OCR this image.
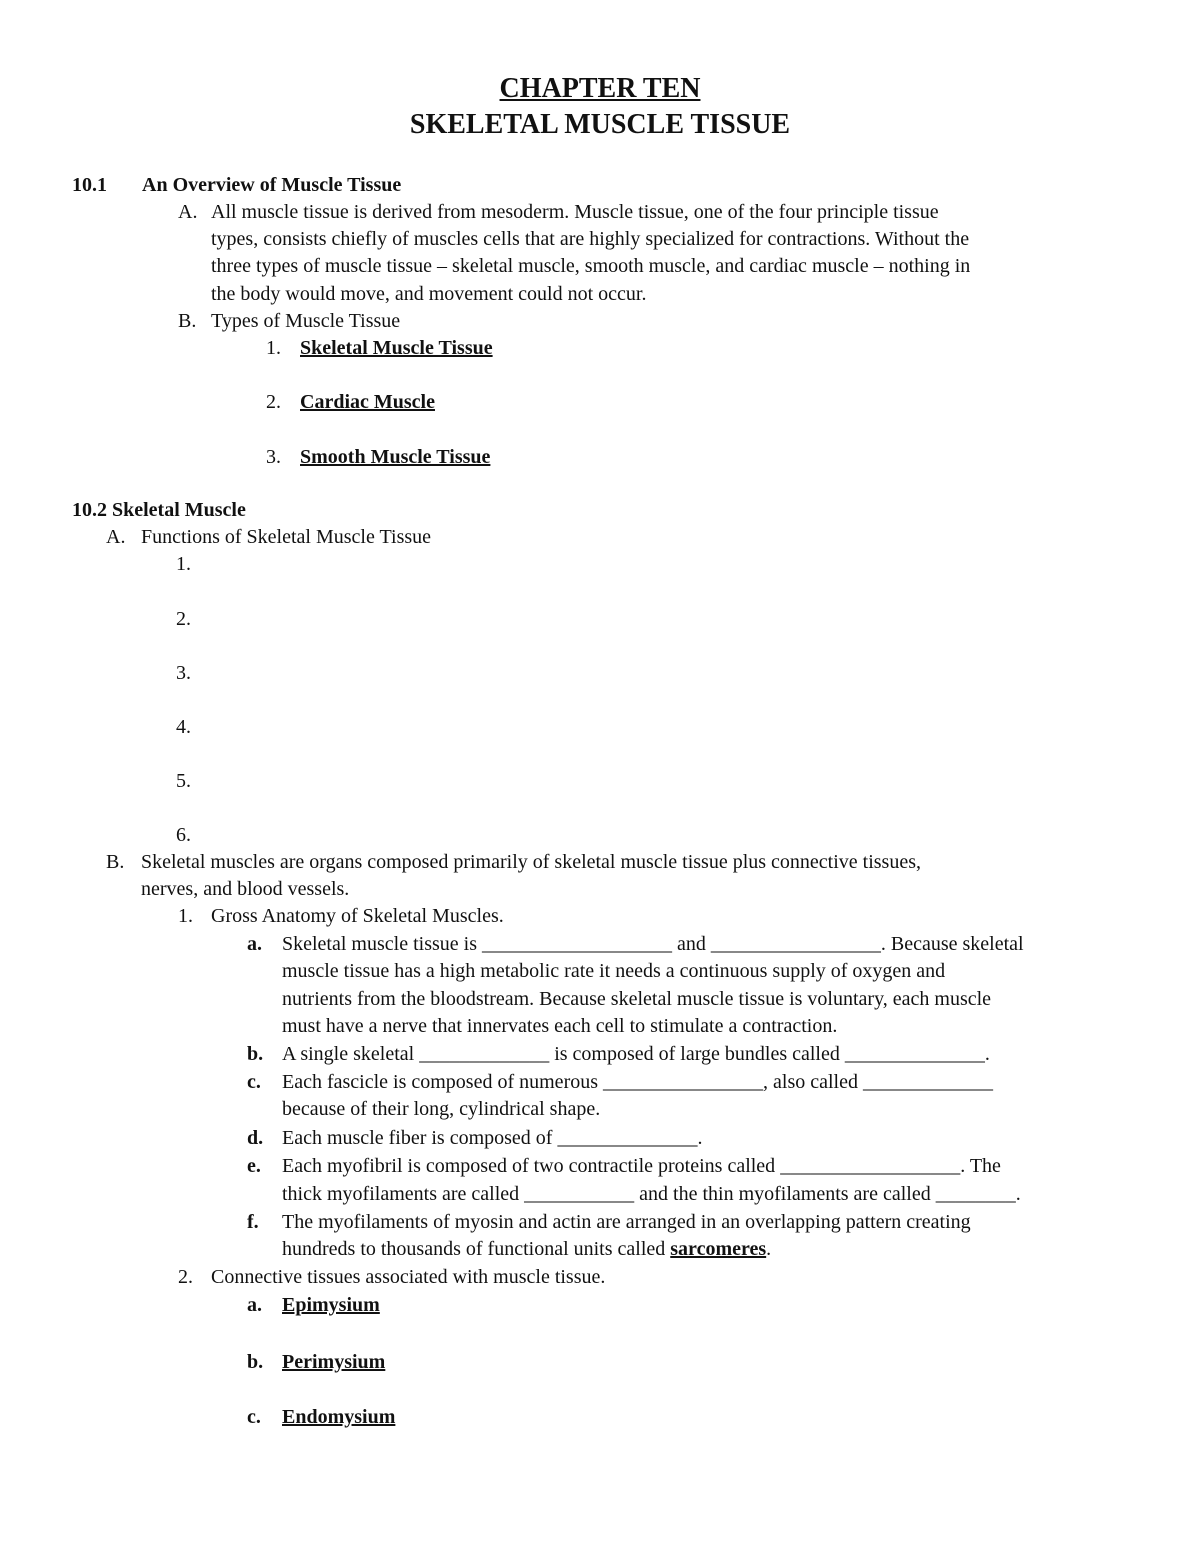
CHAPTER TEN
SKELETAL MUSCLE TISSUE
10.1 An Overview of Muscle Tissue
A. All muscle tissue is derived from mesoderm. Muscle tissue, one of the four principle tissue
types, consists chiefly of muscles cells that are highly specialized for contractions. Without the
three types of muscle tissue – skeletal muscle, smooth muscle, and cardiac muscle – nothing in
the body would move, and movement could not occur.
B. Types of Muscle Tissue
1. Skeletal Muscle Tissue
2. Cardiac Muscle
3. Smooth Muscle Tissue
10.2 Skeletal Muscle
A. Functions of Skeletal Muscle Tissue
1.
2.
3.
4.
5.
6.
B. Skeletal muscles are organs composed primarily of skeletal muscle tissue plus connective tissues,
nerves, and blood vessels.
1. Gross Anatomy of Skeletal Muscles.
a. Skeletal muscle tissue is ___________________ and _________________. Because skeletal
muscle tissue has a high metabolic rate it needs a continuous supply of oxygen and
nutrients from the bloodstream. Because skeletal muscle tissue is voluntary, each muscle
must have a nerve that innervates each cell to stimulate a contraction.
b. A single skeletal _____________ is composed of large bundles called ______________.
c. Each fascicle is composed of numerous ________________, also called _____________
because of their long, cylindrical shape.
d. Each muscle fiber is composed of ______________.
e. Each myofibril is composed of two contractile proteins called __________________. The
thick myofilaments are called ___________ and the thin myofilaments are called ________.
f. The myofilaments of myosin and actin are arranged in an overlapping pattern creating
hundreds to thousands of functional units called sarcomeres.
2. Connective tissues associated with muscle tissue.
a. Epimysium
b. Perimysium
c. Endomysium
